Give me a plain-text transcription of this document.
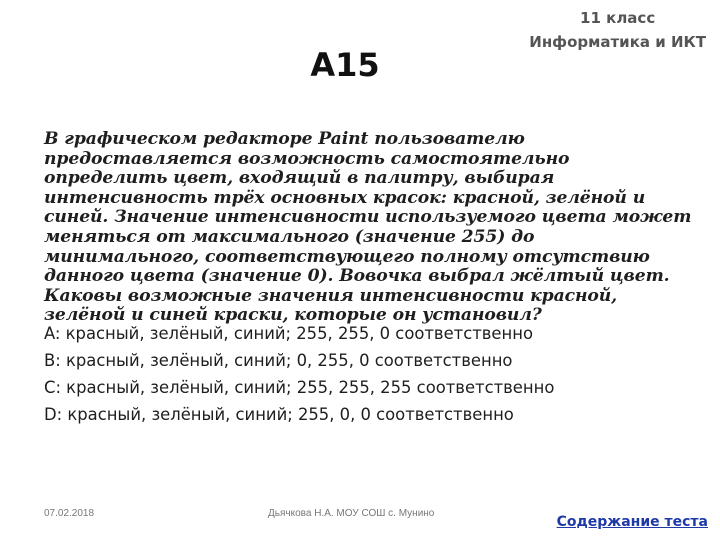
11 класс
Информатика и ИКТ
А15
В графическом редакторе Paint пользователю предоставляется возможность самостоятельно определить цвет, входящий в палитру, выбирая интенсивность трёх основных красок: красной, зелёной и синей. Значение интенсивности используемого цвета может меняться от максимального (значение 255) до минимального, соответствующего полному отсутствию данного цвета (значение 0). Вовочка выбрал жёлтый цвет. Каковы возможные значения интенсивности красной, зелёной и синей краски, которые он установил?
A: красный, зелёный, синий; 255, 255, 0 соответственно
B: красный, зелёный, синий; 0, 255, 0 соответственно
C: красный, зелёный, синий; 255, 255, 255 соответственно
D: красный, зелёный, синий; 255, 0, 0 соответственно
07.02.2018	Дьячкова Н.А. МОУ СОШ с. Мунино
Содержание теста
